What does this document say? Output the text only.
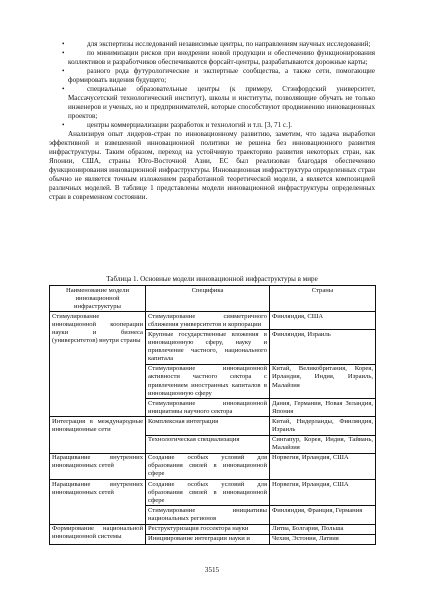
•	для экспертизы исследований независимые центры, по направлениям научных исследований;

•	по минимизации рисков при внедрении новой продукции и обеспечению функционирования коллективов и разработчиков обеспечиваются форсайт-центры, разрабатываются дорожные карты;

•	разного рода футурологические и экспертные сообщества, а также сети, помогающие формировать видения будущего;

•	специальные образовательные центры (к примеру, Стэнфордский университет, Массачусетский технологический институт), школы и институты, позволяющие обучать не только инженеров и ученых, но и предпринимателей, которые способствуют продвижению инновационных проектов;

•	центры коммерциализации разработок и технологий и т.п. [3, 71 с.].

Анализируя опыт лидеров-стран по инновационному развитию, заметим, что задача выработки эффективной и взвешенной инновационной политики не решена без инновационного развития инфраструктуры. Таким образом, переход на устойчивую траекторию развития некоторых стран, как Японии, США, страны Юго-Восточной Азии, ЕС был реализован благодаря обеспечению функционирования инновационной инфраструктуры. Инновационная инфраструктура определенных стран обычно не является точным изложением разработанной теоретической модели, а является композицией различных моделей. В таблице 1 представлены модели инновационной инфраструктуры определенных стран в современном состоянии.

Таблица 1. Основные модели инновационной инфраструктуры в мире
Наименование модели инновационной инфраструктуры	Специфика	Страны
Стимулирование инновационной кооперации науки и бизнеса (университетов) внутри страны	Стимулирование симметричного сближения университетов и корпорации	Финляндия, США
	Крупные государственные вложения в инновационную сферу, науку и привлечение частного, национального капитала	Финляндия, Израиль
	Стимулирование инновационной активности частного сектора с привлечением иностранных капиталов в инновационную сферу	Китай, Великобритания, Корея, Ирландия, Индия, Израиль, Малайзия
	Стимулирование инновационной инициативы научного сектора	Дания, Германия, Новая Зеландия, Япония
Интеграция в международные инновационные сети	Комплексная интеграция	Китай, Нидерланды, Финляндия, Израиль
	Технологическая специализация	Сингапур, Корея, Индия, Тайвань, Малайзия
Наращивание внутренних инновационных сетей	Создание особых условий для образования связей в инновационной сфере	Норвегия, Ирландия, США
Наращивание внутренних инновационных сетей	Создание особых условий для образования связей в инновационной сфере	Норвегия, Ирландия, США
	Стимулирование инициативы национальных регионов	Финляндия, Франция, Германия
Формирование национальной инновационной системы	Реструктуризация госсектора науки	Литва, Болгария, Польша
	Инициирование интеграции науки и	Чехия, Эстония, Латвия
3515
